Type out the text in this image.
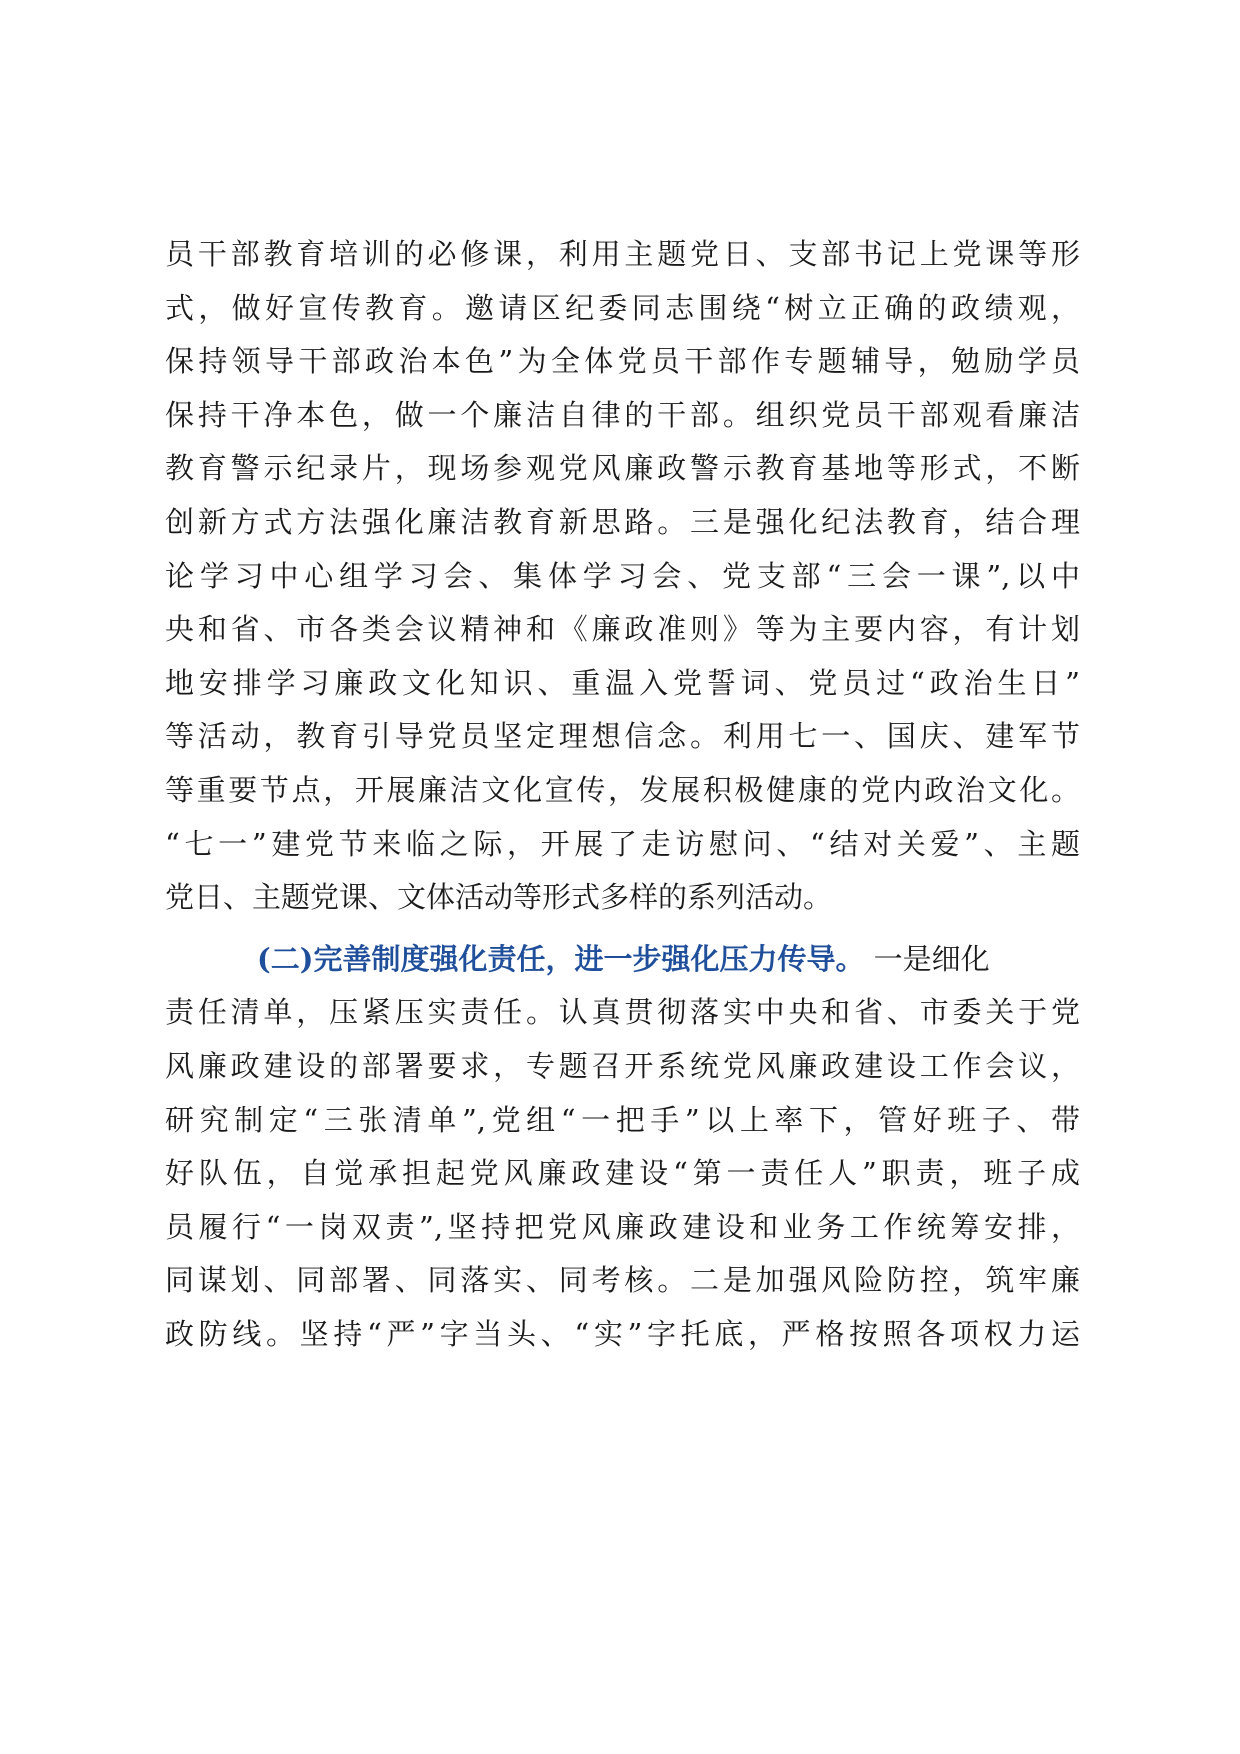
员干部教育培训的必修课，利用主题党日、支部书记上党课等形
式，做好宣传教育。邀请区纪委同志围绕“树立正确的政绩观，
保持领导干部政治本色”为全体党员干部作专题辅导，勉励学员
保持干净本色，做一个廉洁自律的干部。组织党员干部观看廉洁
教育警示纪录片，现场参观党风廉政警示教育基地等形式，不断
创新方式方法强化廉洁教育新思路。三是强化纪法教育，结合理
论学习中心组学习会、集体学习会、党支部“三会一课”,以中
央和省、市各类会议精神和《廉政准则》等为主要内容，有计划
地安排学习廉政文化知识、重温入党誓词、党员过“政治生日”
等活动，教育引导党员坚定理想信念。利用七一、国庆、建军节
等重要节点，开展廉洁文化宣传，发展积极健康的党内政治文化。
“七一”建党节来临之际，开展了走访慰问、“结对关爱”、主题
党日、主题党课、文体活动等形式多样的系列活动。
(二)完善制度强化责任，进一步强化压力传导。 一是细化
责任清单，压紧压实责任。认真贯彻落实中央和省、市委关于党
风廉政建设的部署要求，专题召开系统党风廉政建设工作会议，
研究制定“三张清单”,党组“一把手”以上率下，管好班子、带
好队伍，自觉承担起党风廉政建设“第一责任人”职责，班子成
员履行“一岗双责”,坚持把党风廉政建设和业务工作统筹安排，
同谋划、同部署、同落实、同考核。二是加强风险防控，筑牢廉
政防线。坚持“严”字当头、“实”字托底，严格按照各项权力运
